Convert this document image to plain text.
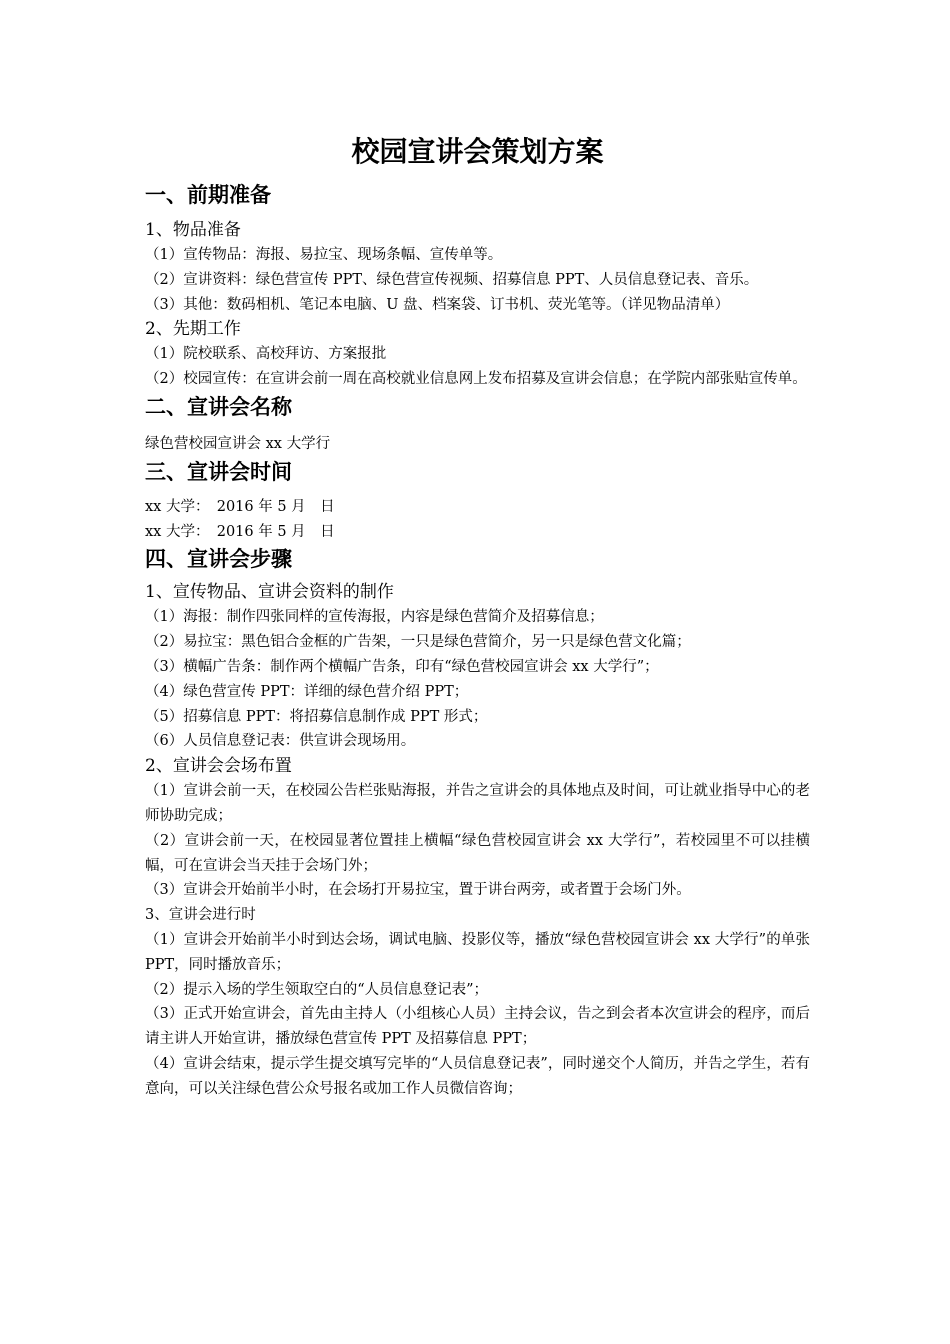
校园宣讲会策划方案
一、前期准备

1、物品准备

（1）宣传物品：海报、易拉宝、现场条幅、宣传单等。

（2）宣讲资料：绿色营宣传 PPT、绿色营宣传视频、招募信息 PPT、人员信息登记表、音乐。

（3）其他：数码相机、笔记本电脑、U 盘、档案袋、订书机、荧光笔等。（详见物品清单）

2、先期工作

（1）院校联系、高校拜访、方案报批

（2）校园宣传：在宣讲会前一周在高校就业信息网上发布招募及宣讲会信息；在学院内部张贴宣传单。

二、宣讲会名称

绿色营校园宣讲会 xx 大学行

三、宣讲会时间

xx 大学：　2016 年 5 月　日

xx 大学：　2016 年 5 月　日

四、宣讲会步骤

1、宣传物品、宣讲会资料的制作

（1）海报：制作四张同样的宣传海报，内容是绿色营简介及招募信息；

（2）易拉宝：黑色铝合金框的广告架，一只是绿色营简介，另一只是绿色营文化篇；

（3）横幅广告条：制作两个横幅广告条，印有“绿色营校园宣讲会 xx 大学行”；

（4）绿色营宣传 PPT：详细的绿色营介绍 PPT；

（5）招募信息 PPT：将招募信息制作成 PPT 形式；

（6）人员信息登记表：供宣讲会现场用。

2、宣讲会会场布置

（1）宣讲会前一天，在校园公告栏张贴海报，并告之宣讲会的具体地点及时间，可让就业指导中心的老师协助完成；

（2）宣讲会前一天，在校园显著位置挂上横幅“绿色营校园宣讲会 xx 大学行”，若校园里不可以挂横幅，可在宣讲会当天挂于会场门外；

（3）宣讲会开始前半小时，在会场打开易拉宝，置于讲台两旁，或者置于会场门外。

3、宣讲会进行时

（1）宣讲会开始前半小时到达会场，调试电脑、投影仪等，播放“绿色营校园宣讲会 xx 大学行”的单张 PPT，同时播放音乐；

（2）提示入场的学生领取空白的“人员信息登记表”；

（3）正式开始宣讲会，首先由主持人（小组核心人员）主持会议，告之到会者本次宣讲会的程序，而后请主讲人开始宣讲，播放绿色营宣传 PPT 及招募信息 PPT；

（4）宣讲会结束，提示学生提交填写完毕的“人员信息登记表”，同时递交个人简历，并告之学生，若有意向，可以关注绿色营公众号报名或加工作人员微信咨询；
